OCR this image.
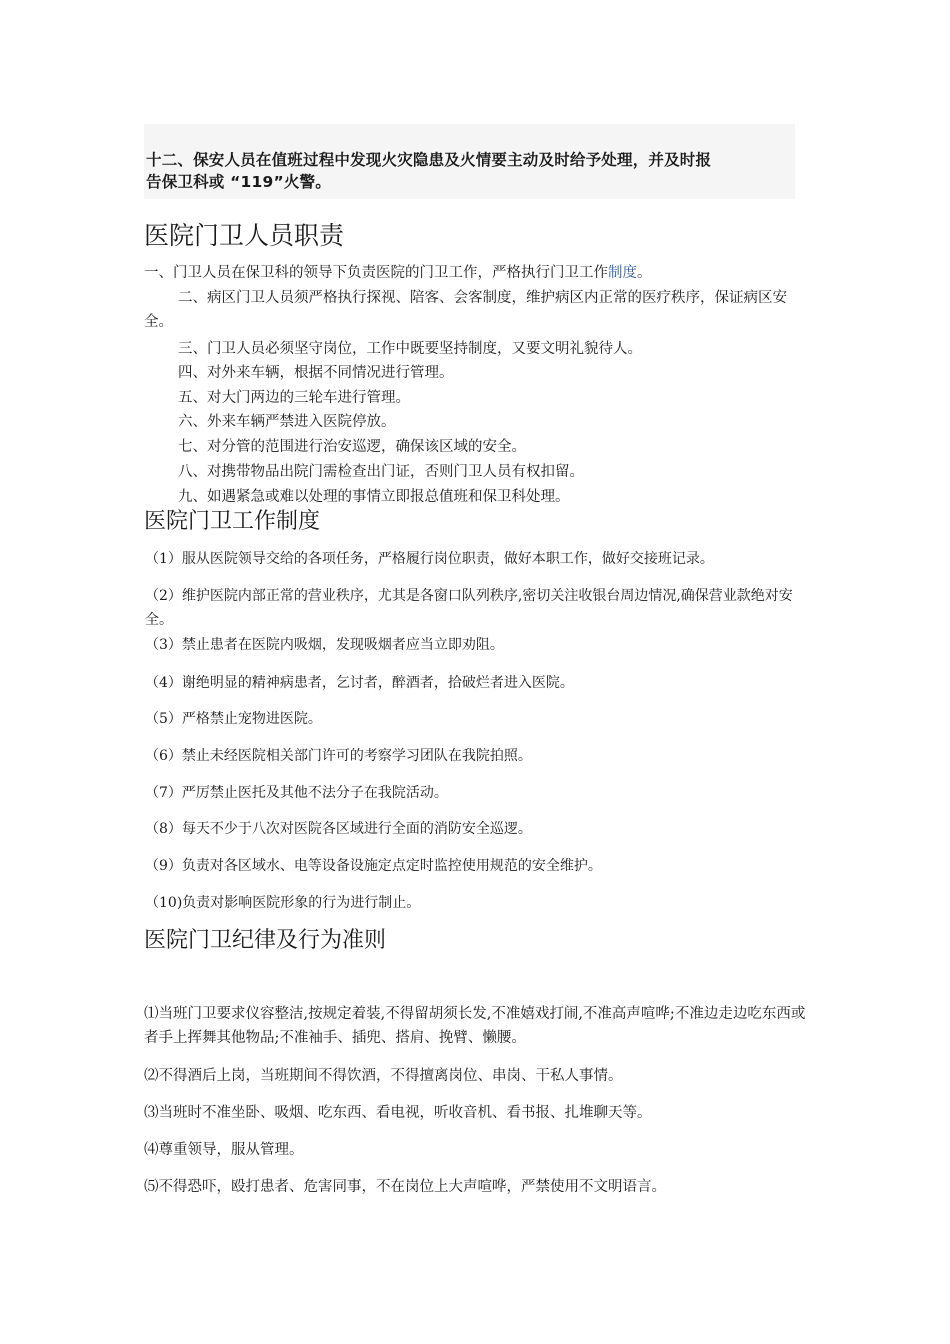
十二、保安人员在值班过程中发现火灾隐患及火情要主动及时给予处理，并及时报
告保卫科或 “119”火警。
医院门卫人员职责

一、门卫人员在保卫科的领导下负责医院的门卫工作，严格执行门卫工作制度。

二、病区门卫人员须严格执行探视、陪客、会客制度，维护病区内正常的医疗秩序，保证病区安全。

三、门卫人员必须坚守岗位，工作中既要坚持制度，又要文明礼貌待人。

四、对外来车辆，根据不同情况进行管理。

五、对大门两边的三轮车进行管理。

六、外来车辆严禁进入医院停放。

七、对分管的范围进行治安巡逻，确保该区域的安全。

八、对携带物品出院门需检查出门证，否则门卫人员有权扣留。

九、如遇紧急或难以处理的事情立即报总值班和保卫科处理。

医院门卫工作制度

（1）服从医院领导交给的各项任务，严格履行岗位职责，做好本职工作，做好交接班记录。

（2）维护医院内部正常的营业秩序，尤其是各窗口队列秩序,密切关注收银台周边情况,确保营业款绝对安全。

（3）禁止患者在医院内吸烟，发现吸烟者应当立即劝阻。

（4）谢绝明显的精神病患者，乞讨者，醉酒者，拾破烂者进入医院。

（5）严格禁止宠物进医院。

（6）禁止未经医院相关部门许可的考察学习团队在我院拍照。

（7）严厉禁止医托及其他不法分子在我院活动。

（8）每天不少于八次对医院各区域进行全面的消防安全巡逻。

（9）负责对各区域水、电等设备设施定点定时监控使用规范的安全维护。

（10)负责对影响医院形象的行为进行制止。

医院门卫纪律及行为准则

⑴当班门卫要求仪容整洁,按规定着装,不得留胡须长发,不准嬉戏打闹,不准高声喧哗;不准边走边吃东西或者手上挥舞其他物品;不准袖手、插兜、搭肩、挽臂、懒腰。

⑵不得酒后上岗，当班期间不得饮酒，不得擅离岗位、串岗、干私人事情。

⑶当班时不准坐卧、吸烟、吃东西、看电视，听收音机、看书报、扎堆聊天等。

⑷尊重领导，服从管理。

⑸不得恐吓，殴打患者、危害同事，不在岗位上大声喧哗，严禁使用不文明语言。
